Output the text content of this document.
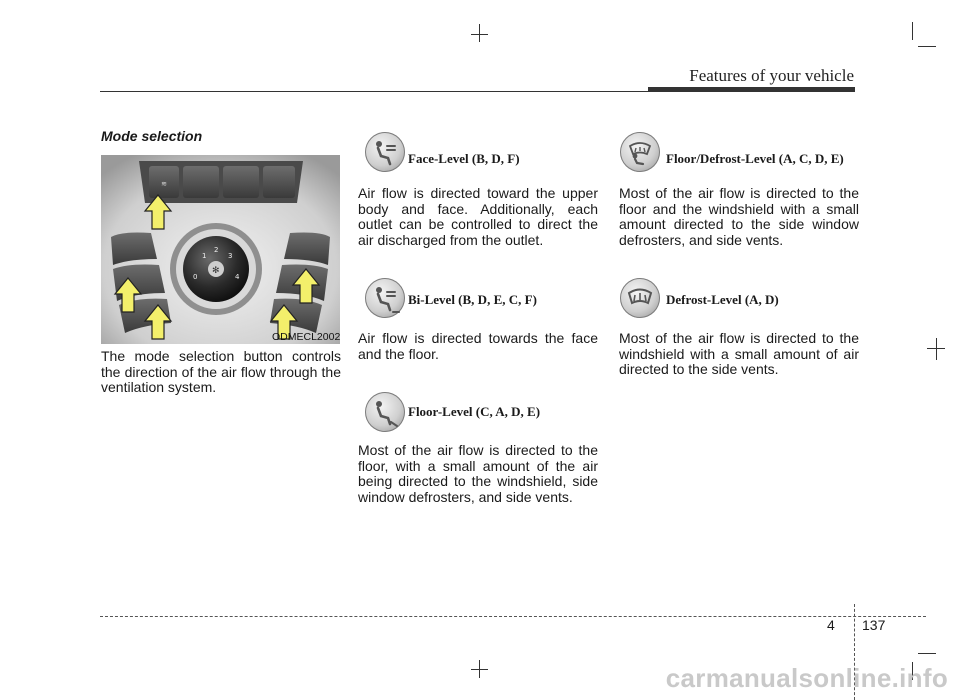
Features of your vehicle
Mode selection
≋
✻
0
1
2
3
4
ODMECL2002
The mode selection button controls the direction of the air flow through the ventilation system.
Face-Level (B, D, F)
Air flow is directed toward the upper body and face. Additionally, each outlet can be controlled to direct the air discharged from the outlet.
Bi-Level (B, D, E, C, F)
Air flow is directed towards the face and the floor.
Floor-Level (C, A, D, E)
Most of the air flow is directed to the floor, with a small amount of the air being directed to the windshield, side window defrosters, and side vents.
Floor/Defrost-Level (A, C, D, E)
Most of the air flow is directed to the floor and the windshield with a small amount directed to the side window defrosters, and side vents.
Defrost-Level (A, D)
Most of the air flow is directed to the windshield with a small amount of air directed to the side vents.
4 137
carmanualsonline.info
